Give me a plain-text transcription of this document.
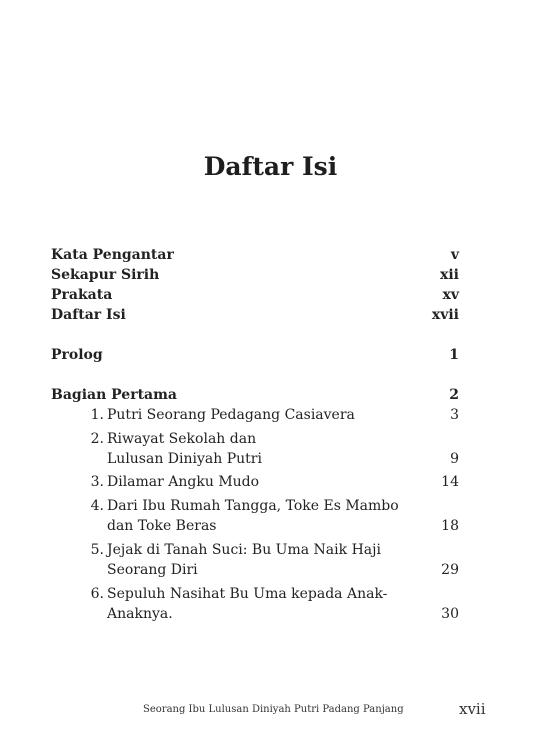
Daftar Isi
Kata Pengantar	v
Sekapur Sirih	xii
Prakata	xv
Daftar Isi	xvii
Prolog	1
Bagian Pertama	2
1. Putri Seorang Pedagang Casiavera	3
2. Riwayat Sekolah dan
Lulusan Diniyah Putri	9
3. Dilamar Angku Mudo	14
4. Dari Ibu Rumah Tangga, Toke Es Mambo
dan Toke Beras	18
5. Jejak di Tanah Suci: Bu Uma Naik Haji
Seorang Diri	29
6. Sepuluh Nasihat Bu Uma kepada Anak-
Anaknya.	30
Seorang Ibu Lulusan Diniyah Putri Padang Panjang	xvii
